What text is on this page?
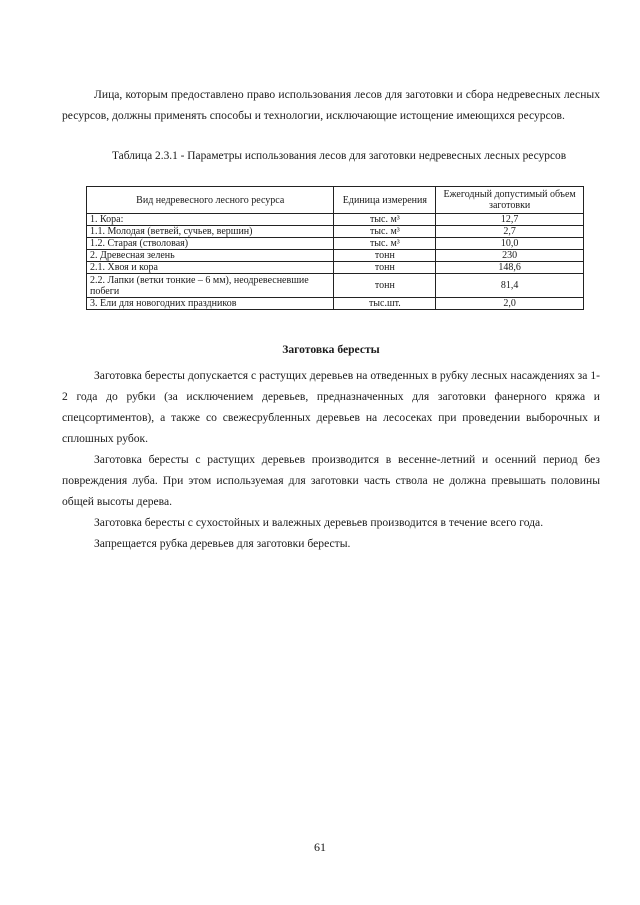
Лица, которым предоставлено право использования лесов для заготовки и сбора недревесных лесных ресурсов, должны применять способы и технологии, исключающие истощение имеющихся ресурсов.

Таблица 2.3.1 - Параметры использования лесов для заготовки недревесных лесных ресурсов

Вид недревесного лесного ресурса	Единица измерения	Ежегодный допустимый объем заготовки
1. Кора:	тыс. м³	12,7
1.1. Молодая (ветвей, сучьев, вершин)	тыс. м³	2,7
1.2. Старая (стволовая)	тыс. м³	10,0
2. Древесная зелень	тонн	230
2.1. Хвоя и кора	тонн	148,6
2.2. Лапки (ветки тонкие – 6 мм), неодревесневшие побеги	тонн	81,4
3. Ели для новогодних праздников	тыс.шт.	2,0

Заготовка бересты

Заготовка бересты допускается с растущих деревьев на отведенных в рубку лесных насаждениях за 1-2 года до рубки (за исключением деревьев, предназначенных для заготовки фанерного кряжа и спецсортиментов), а также со свежесрубленных деревьев на лесосеках при проведении выборочных и сплошных рубок.

Заготовка бересты с растущих деревьев производится в весенне-летний и осенний период без повреждения луба. При этом используемая для заготовки часть ствола не должна превышать половины общей высоты дерева.

Заготовка бересты с сухостойных и валежных деревьев производится в течение всего года.

Запрещается рубка деревьев для заготовки бересты.

61
